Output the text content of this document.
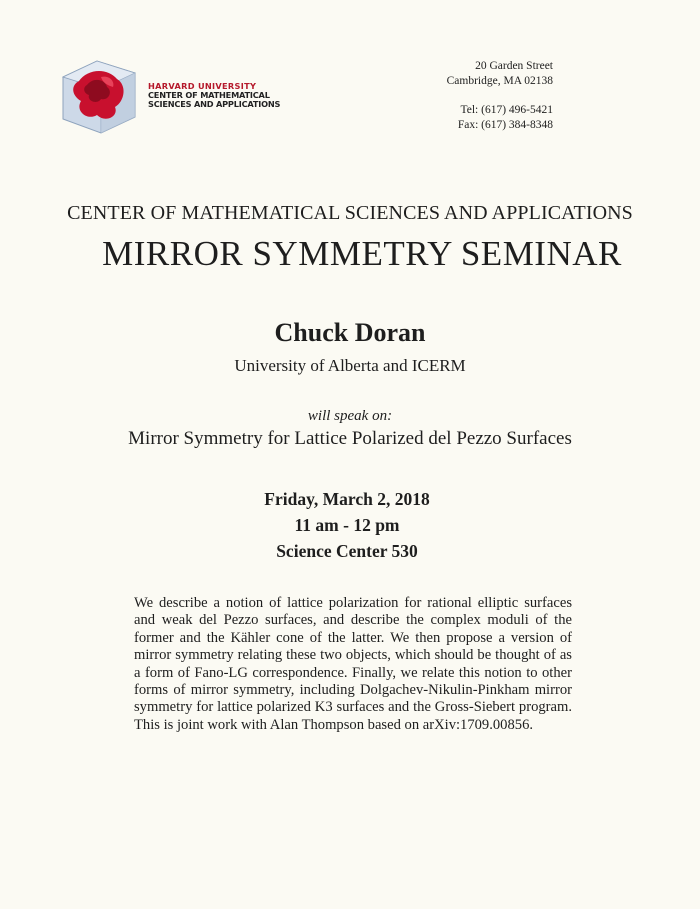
HARVARD UNIVERSITY
CENTER OF MATHEMATICAL
SCIENCES AND APPLICATIONS
20 Garden Street
Cambridge, MA 02138
Tel: (617) 496-5421
Fax: (617) 384-8348
CENTER OF MATHEMATICAL SCIENCES AND APPLICATIONS
MIRROR SYMMETRY SEMINAR
Chuck Doran
University of Alberta and ICERM
will speak on:
Mirror Symmetry for Lattice Polarized del Pezzo Surfaces
Friday, March 2, 2018
11 am - 12 pm
Science Center 530
We describe a notion of lattice polarization for rational elliptic surfaces and weak del Pezzo surfaces, and describe the complex moduli of the former and the Kähler cone of the latter. We then propose a version of mirror symmetry relating these two objects, which should be thought of as a form of Fano-LG correspondence. Finally, we relate this notion to other forms of mirror symmetry, including Dolgachev-Nikulin-Pinkham mirror symmetry for lattice polarized K3 surfaces and the Gross-Siebert program. This is joint work with Alan Thompson based on arXiv:1709.00856.
